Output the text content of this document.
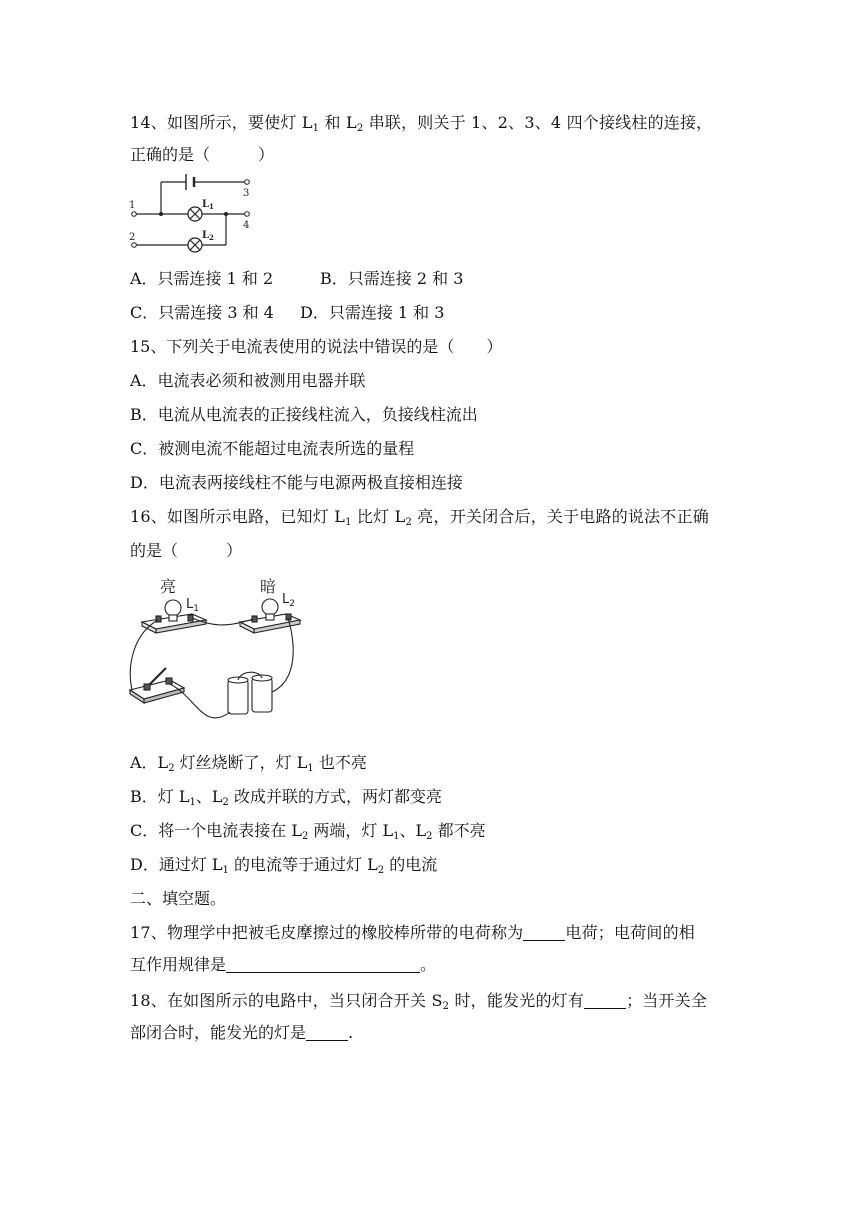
14、如图所示，要使灯 $L_1$ 和 $L_2$ 串联，则关于 1、2、3、4 四个接线柱的连接，
正确的是（　　　）
1
2
3
4
$L_1$
$L_2$
A．只需连接 1 和 2	B．只需连接 2 和 3
C．只需连接 3 和 4 D．只需连接 1 和 3
15、下列关于电流表使用的说法中错误的是（　　）
A．电流表必须和被测用电器并联
B．电流从电流表的正接线柱流入，负接线柱流出
C．被测电流不能超过电流表所选的量程
D．电流表两接线柱不能与电源两极直接相连接
16、如图所示电路，已知灯 $L_1$ 比灯 $L_2$ 亮，开关闭合后，关于电路的说法不正确
的是（　　　）
亮	暗
$L_1$
$L_2$
A．$L_2$ 灯丝烧断了，灯 $L_1$ 也不亮
B．灯 $L_1$、$L_2$ 改成并联的方式，两灯都变亮
C．将一个电流表接在 $L_2$ 两端，灯 $L_1$、$L_2$ 都不亮
D．通过灯 $L_1$ 的电流等于通过灯 $L_2$ 的电流
二、填空题。
17、物理学中把被毛皮摩擦过的橡胶棒所带的电荷称为	电荷；电荷间的相
互作用规律是	。
18、在如图所示的电路中，当只闭合开关 $S_2$ 时，能发光的灯有	；当开关全
部闭合时，能发光的灯是	.
